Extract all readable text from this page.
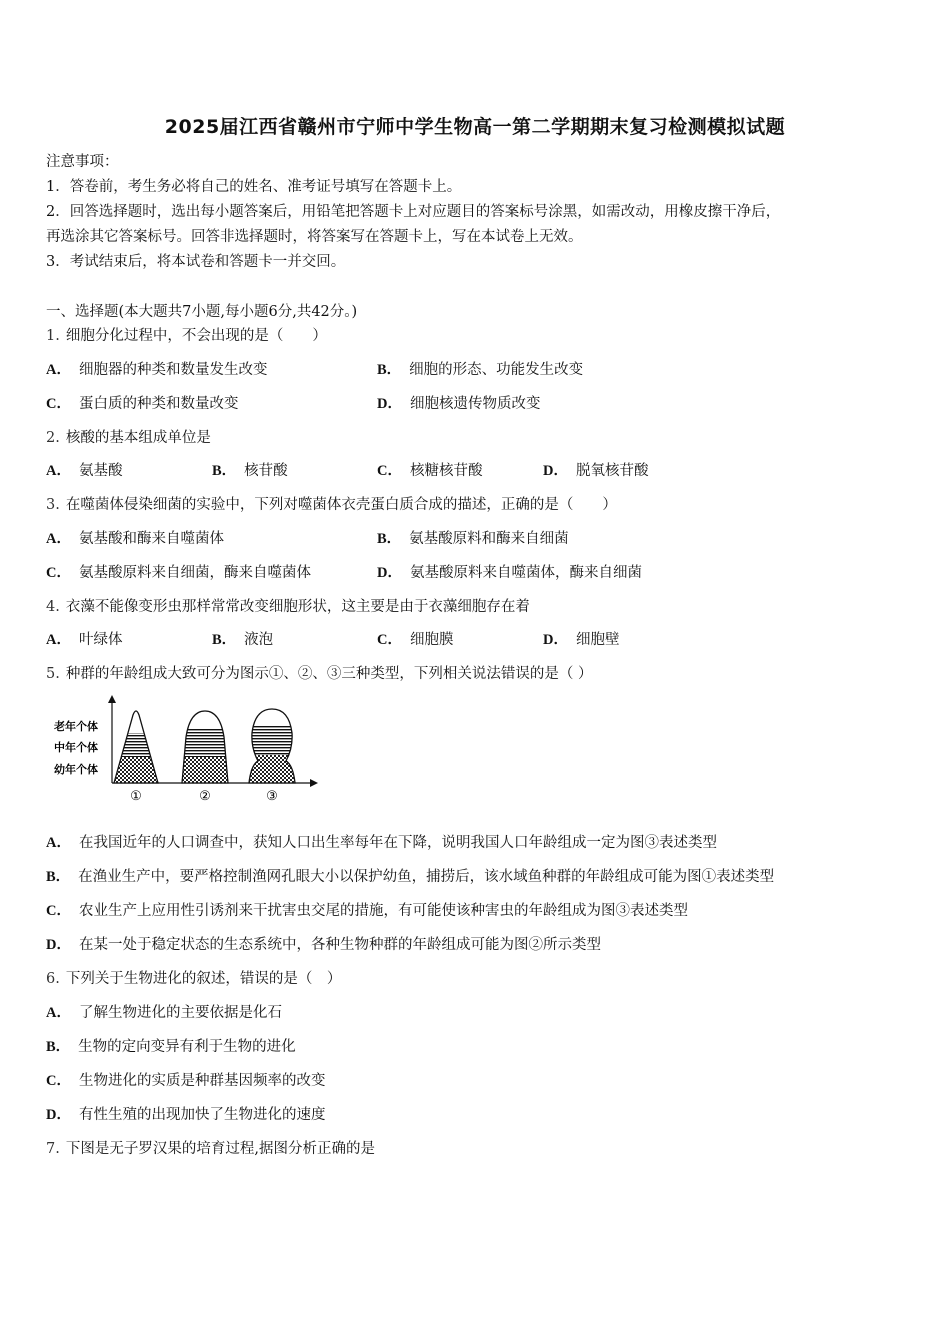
2025届江西省赣州市宁师中学生物高一第二学期期末复习检测模拟试题
注意事项：
1．答卷前，考生务必将自己的姓名、准考证号填写在答题卡上。
2．回答选择题时，选出每小题答案后，用铅笔把答题卡上对应题目的答案标号涂黑，如需改动，用橡皮擦干净后，
再选涂其它答案标号。回答非选择题时，将答案写在答题卡上，写在本试卷上无效。
3．考试结束后，将本试卷和答题卡一并交回。
一、选择题(本大题共7小题,每小题6分,共42分。)
1. 细胞分化过程中，不会出现的是（　　）
A． 细胞器的种类和数量发生改变	B． 细胞的形态、功能发生改变
C． 蛋白质的种类和数量改变	D． 细胞核遗传物质改变
2. 核酸的基本组成单位是
A． 氨基酸	B． 核苷酸	C． 核糖核苷酸	D． 脱氧核苷酸
3. 在噬菌体侵染细菌的实验中，下列对噬菌体衣壳蛋白质合成的描述，正确的是（　　）
A． 氨基酸和酶来自噬菌体	B． 氨基酸原料和酶来自细菌
C． 氨基酸原料来自细菌，酶来自噬菌体	D． 氨基酸原料来自噬菌体，酶来自细菌
4. 衣藻不能像变形虫那样常常改变细胞形状，这主要是由于衣藻细胞存在着
A． 叶绿体	B． 液泡	C． 细胞膜	D． 细胞壁
5. 种群的年龄组成大致可分为图示①、②、③三种类型，下列相关说法错误的是（ ）
老年个体
中年个体
幼年个体
①	②	③
A． 在我国近年的人口调查中，获知人口出生率每年在下降，说明我国人口年龄组成一定为图③表述类型
B． 在渔业生产中，要严格控制渔网孔眼大小以保护幼鱼，捕捞后，该水域鱼种群的年龄组成可能为图①表述类型
C． 农业生产上应用性引诱剂来干扰害虫交尾的措施，有可能使该种害虫的年龄组成为图③表述类型
D． 在某一处于稳定状态的生态系统中，各种生物种群的年龄组成可能为图②所示类型
6. 下列关于生物进化的叙述，错误的是（　）
A． 了解生物进化的主要依据是化石
B． 生物的定向变异有利于生物的进化
C． 生物进化的实质是种群基因频率的改变
D． 有性生殖的出现加快了生物进化的速度
7. 下图是无子罗汉果的培育过程,据图分析正确的是
